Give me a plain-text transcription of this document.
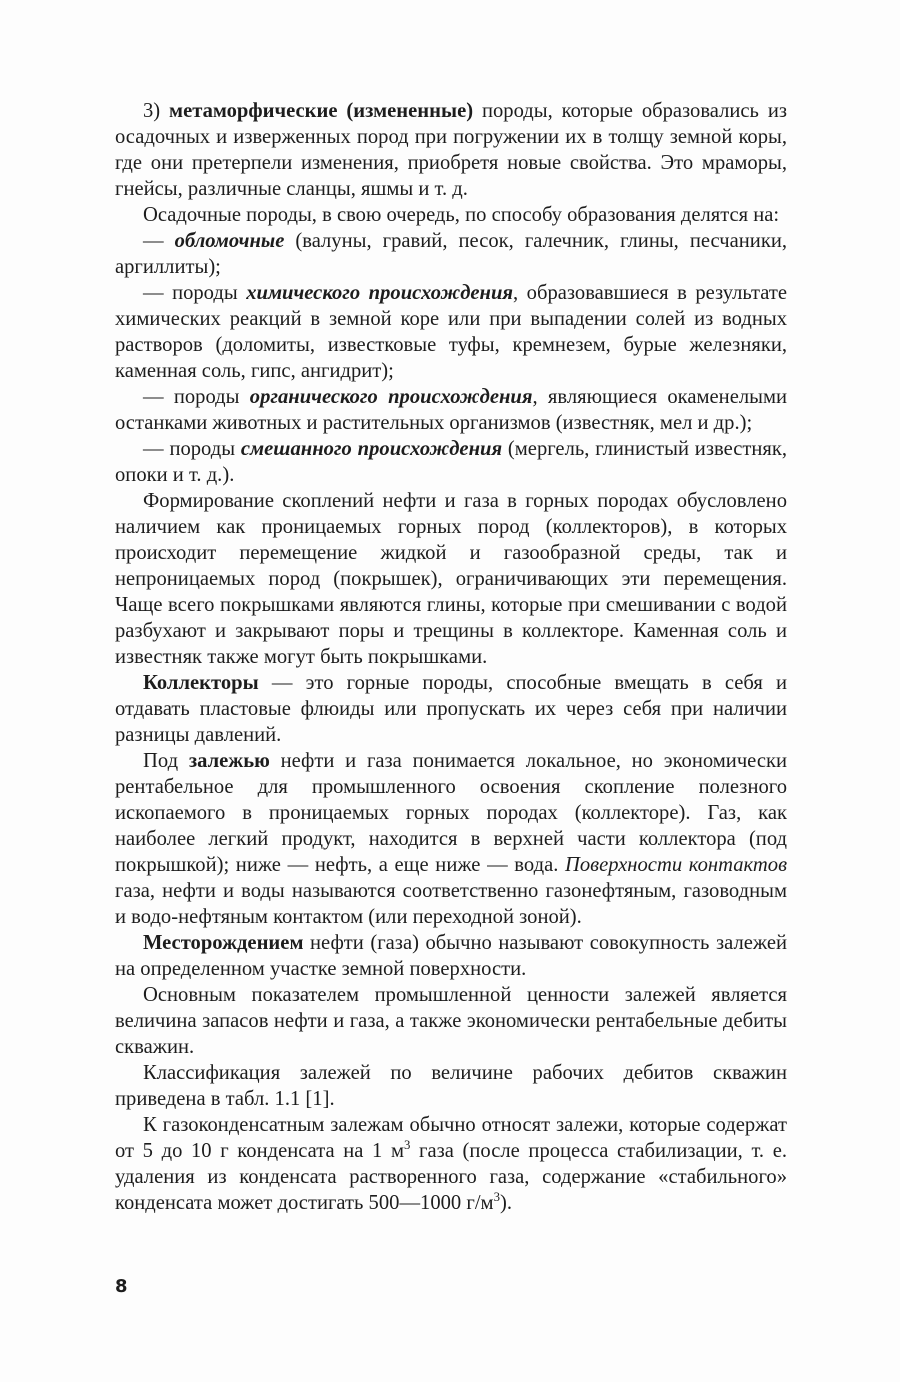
3) метаморфические (измененные) породы, которые образовались из осадочных и изверженных пород при погружении их в толщу земной коры, где они претерпели изменения, приобретя новые свойства. Это мраморы, гнейсы, различные сланцы, яшмы и т. д.

Осадочные породы, в свою очередь, по способу образования делятся на:

— обломочные (валуны, гравий, песок, галечник, глины, песчаники, аргиллиты);

— породы химического происхождения, образовавшиеся в результате химических реакций в земной коре или при выпадении солей из водных растворов (доломиты, известковые туфы, кремнезем, бурые железняки, каменная соль, гипс, ангидрит);

— породы органического происхождения, являющиеся окаменелыми останками животных и растительных организмов (известняк, мел и др.);

— породы смешанного происхождения (мергель, глинистый известняк, опоки и т. д.).

Формирование скоплений нефти и газа в горных породах обусловлено наличием как проницаемых горных пород (коллекторов), в которых происходит перемещение жидкой и газообразной среды, так и непроницаемых пород (покрышек), ограничивающих эти перемещения. Чаще всего покрышками являются глины, которые при смешивании с водой разбухают и закрывают поры и трещины в коллекторе. Каменная соль и известняк также могут быть покрышками.

Коллекторы — это горные породы, способные вмещать в себя и отдавать пластовые флюиды или пропускать их через себя при наличии разницы давлений.

Под залежью нефти и газа понимается локальное, но экономически рентабельное для промышленного освоения скопление полезного ископаемого в проницаемых горных породах (коллекторе). Газ, как наиболее легкий продукт, находится в верхней части коллектора (под покрышкой); ниже — нефть, а еще ниже — вода. Поверхности контактов газа, нефти и воды называются соответственно газонефтяным, газоводным и водо-нефтяным контактом (или переходной зоной).

Месторождением нефти (газа) обычно называют совокупность залежей на определенном участке земной поверхности.

Основным показателем промышленной ценности залежей является величина запасов нефти и газа, а также экономически рентабельные дебиты скважин.

Классификация залежей по величине рабочих дебитов скважин приведена в табл. 1.1 [1].

К газоконденсатным залежам обычно относят залежи, которые содержат от 5 до 10 г конденсата на 1 $м^3$ газа (после процесса стабилизации, т. е. удаления из конденсата растворенного газа, содержание «стабильного» конденсата может достигать 500—1000 $г/м^3$).

8
